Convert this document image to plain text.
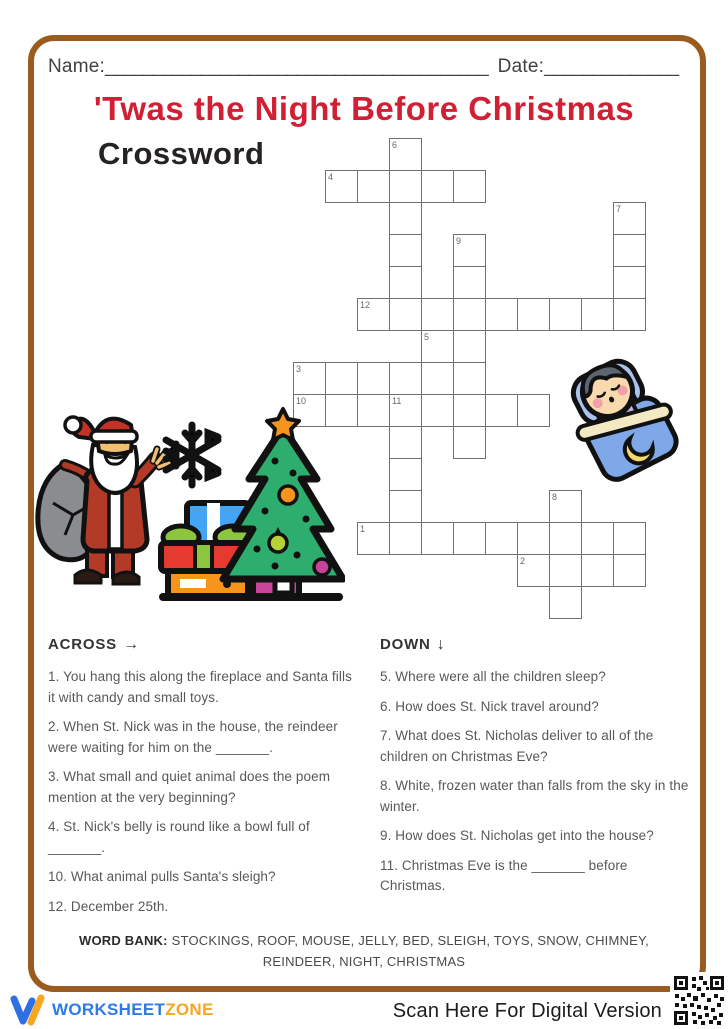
Name:________________________________________ Date:______________
'Twas the Night Before Christmas
Crossword	6
4
7
9
12
5
3
10	11
8
1
2
ACROSS →

1. You hang this along the fireplace and Santa fills it with candy and small toys.

2. When St. Nick was in the house, the reindeer were waiting for him on the _______.

3. What small and quiet animal does the poem mention at the very beginning?

4. St. Nick's belly is round like a bowl full of _______.

10. What animal pulls Santa's sleigh?

12. December 25th.

DOWN ↓

5. Where were all the children sleep?

6. How does St. Nick travel around?

7. What does St. Nicholas deliver to all of the children on Christmas Eve?

8. White, frozen water than falls from the sky in the winter.

9. How does St. Nicholas get into the house?

11. Christmas Eve is the _______ before Christmas.

WORD BANK: STOCKINGS, ROOF, MOUSE, JELLY, BED, SLEIGH, TOYS, SNOW, CHIMNEY, REINDEER, NIGHT, CHRISTMAS
WORKSHEETZONE	Scan Here For Digital Version
